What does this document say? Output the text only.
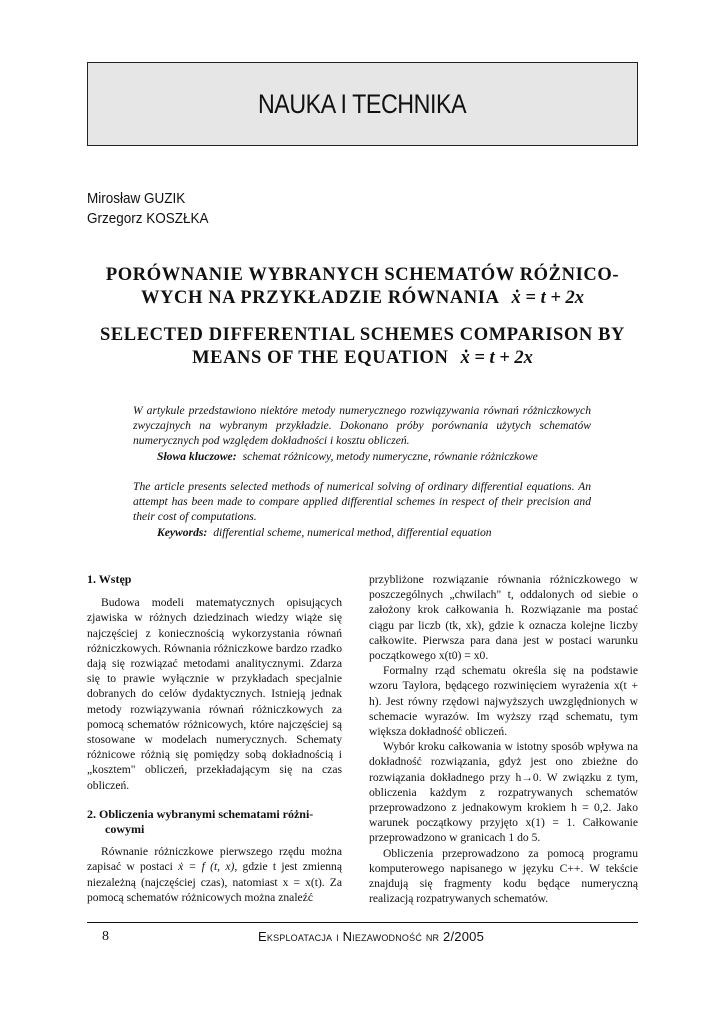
NAUKA I TECHNIKA
Mirosław GUZIK
Grzegorz KOSZŁKA
PORÓWNANIE WYBRANYCH SCHEMATÓW RÓŻNICO-
WYCH NA PRZYKŁADZIE RÓWNANIA ẋ = t + 2x
SELECTED DIFFERENTIAL SCHEMES COMPARISON BY
MEANS OF THE EQUATION ẋ = t + 2x
W artykule przedstawiono niektóre metody numerycznego rozwiązywania równań różniczkowych zwyczajnych na wybranym przykładzie. Dokonano próby porównania użytych schematów numerycznych pod względem dokładności i kosztu obliczeń.
Słowa kluczowe: schemat różnicowy, metody numeryczne, równanie różniczkowe
The article presents selected methods of numerical solving of ordinary differential equations. An attempt has been made to compare applied differential schemes in respect of their precision and their cost of computations.
Keywords: differential scheme, numerical method, differential equation

1. Wstęp

Budowa modeli matematycznych opisujących zjawiska w różnych dziedzinach wiedzy wiąże się najczęściej z koniecznością wykorzystania równań różniczkowych. Równania różniczkowe bardzo rzadko dają się rozwiązać metodami analitycznymi. Zdarza się to prawie wyłącznie w przykładach specjalnie dobranych do celów dydaktycznych. Istnieją jednak metody rozwiązywania równań różniczkowych za pomocą schematów różnicowych, które najczęściej są stosowane w modelach numerycznych. Schematy różnicowe różnią się pomiędzy sobą dokładnością i „kosztem" obliczeń, przekładającym się na czas obliczeń.

2. Obliczenia wybranymi schematami różni-

cowymi

Równanie różniczkowe pierwszego rzędu można zapisać w postaci ẋ = f (t, x), gdzie t jest zmienną niezależną (najczęściej czas), natomiast x = x(t). Za pomocą schematów różnicowych można znaleźć

przybliżone rozwiązanie równania różniczkowego w poszczególnych „chwilach" t, oddalonych od siebie o założony krok całkowania h. Rozwiązanie ma postać ciągu par liczb (tk, xk), gdzie k oznacza kolejne liczby całkowite. Pierwsza para dana jest w postaci warunku początkowego x(t0) = x0.

Formalny rząd schematu określa się na podstawie wzoru Taylora, będącego rozwinięciem wyrażenia x(t + h). Jest równy rzędowi najwyższych uwzględnionych w schemacie wyrazów. Im wyższy rząd schematu, tym większa dokładność obliczeń.

Wybór kroku całkowania w istotny sposób wpływa na dokładność rozwiązania, gdyż jest ono zbieżne do rozwiązania dokładnego przy h→0. W związku z tym, obliczenia każdym z rozpatrywanych schematów przeprowadzono z jednakowym krokiem h = 0,2. Jako warunek początkowy przyjęto x(1) = 1. Całkowanie przeprowadzono w granicach 1 do 5.

Obliczenia przeprowadzono za pomocą programu komputerowego napisanego w języku C++. W tekście znajdują się fragmenty kodu będące numeryczną realizacją rozpatrywanych schematów.

8	Eksploatacja i Niezawodność nr 2/2005
